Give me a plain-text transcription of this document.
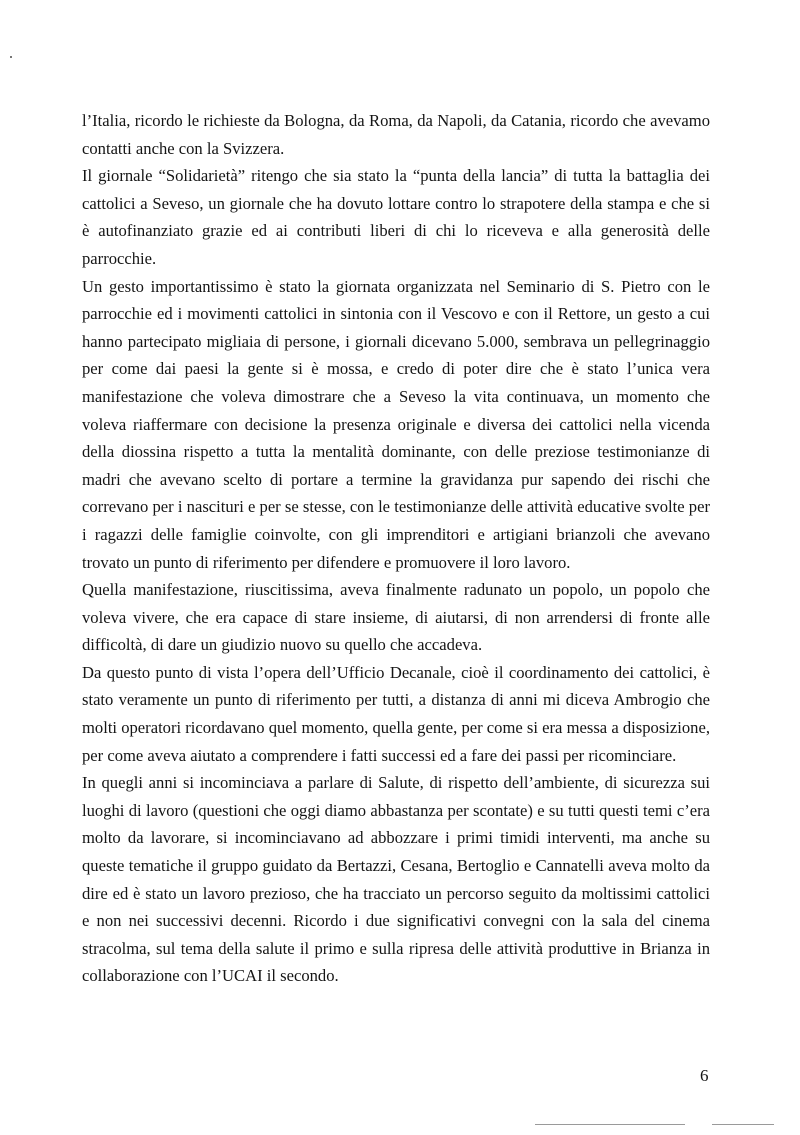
l’Italia, ricordo le richieste da Bologna, da Roma, da Napoli, da Catania, ricordo che avevamo contatti anche con la Svizzera.

Il giornale “Solidarietà” ritengo che sia stato la “punta della lancia” di tutta la battaglia dei cattolici a Seveso, un giornale che ha dovuto lottare contro lo strapotere della stampa e che si è autofinanziato grazie ed ai contributi liberi di chi lo riceveva e alla generosità delle parrocchie.

Un gesto importantissimo è stato la giornata organizzata nel Seminario di S. Pietro con le parrocchie ed i movimenti cattolici in sintonia con il Vescovo e con il Rettore, un gesto a cui hanno partecipato migliaia di persone, i giornali dicevano 5.000, sembrava un pellegrinaggio per come dai paesi la gente si è mossa, e credo di poter dire che è stato l’unica vera manifestazione che voleva dimostrare che a Seveso la vita continuava, un momento che voleva riaffermare con decisione la presenza originale e diversa dei cattolici nella vicenda della diossina rispetto a tutta la mentalità dominante, con delle preziose testimonianze di madri che avevano scelto di portare a termine la gravidanza pur sapendo dei rischi che correvano per i nascituri e per se stesse, con le testimonianze delle attività educative svolte per i ragazzi delle famiglie coinvolte, con gli imprenditori e artigiani brianzoli che avevano trovato un punto di riferimento per difendere e promuovere il loro lavoro.

Quella manifestazione, riuscitissima, aveva finalmente radunato un popolo, un popolo che voleva vivere, che era capace di stare insieme, di aiutarsi, di non arrendersi di fronte alle difficoltà, di dare un giudizio nuovo su quello che accadeva.

Da questo punto di vista l’opera dell’Ufficio Decanale, cioè il coordinamento dei cattolici, è stato veramente un punto di riferimento per tutti, a distanza di anni mi diceva Ambrogio che molti operatori ricordavano quel momento, quella gente, per come si era messa a disposizione, per come aveva aiutato a comprendere i fatti successi ed a fare dei passi per ricominciare.

In quegli anni si incominciava a parlare di Salute, di rispetto dell’ambiente, di sicurezza sui luoghi di lavoro (questioni che oggi diamo abbastanza per scontate) e su tutti questi temi c’era molto da lavorare, si incominciavano ad abbozzare i primi timidi interventi, ma anche su queste tematiche il gruppo guidato da Bertazzi, Cesana, Bertoglio e Cannatelli aveva molto da dire ed è stato un lavoro prezioso, che ha tracciato un percorso seguito da moltissimi cattolici e non nei successivi decenni. Ricordo i due significativi convegni con la sala del cinema stracolma, sul tema della salute il primo e sulla ripresa delle attività produttive in Brianza in collaborazione con l’UCAI il secondo.

6
